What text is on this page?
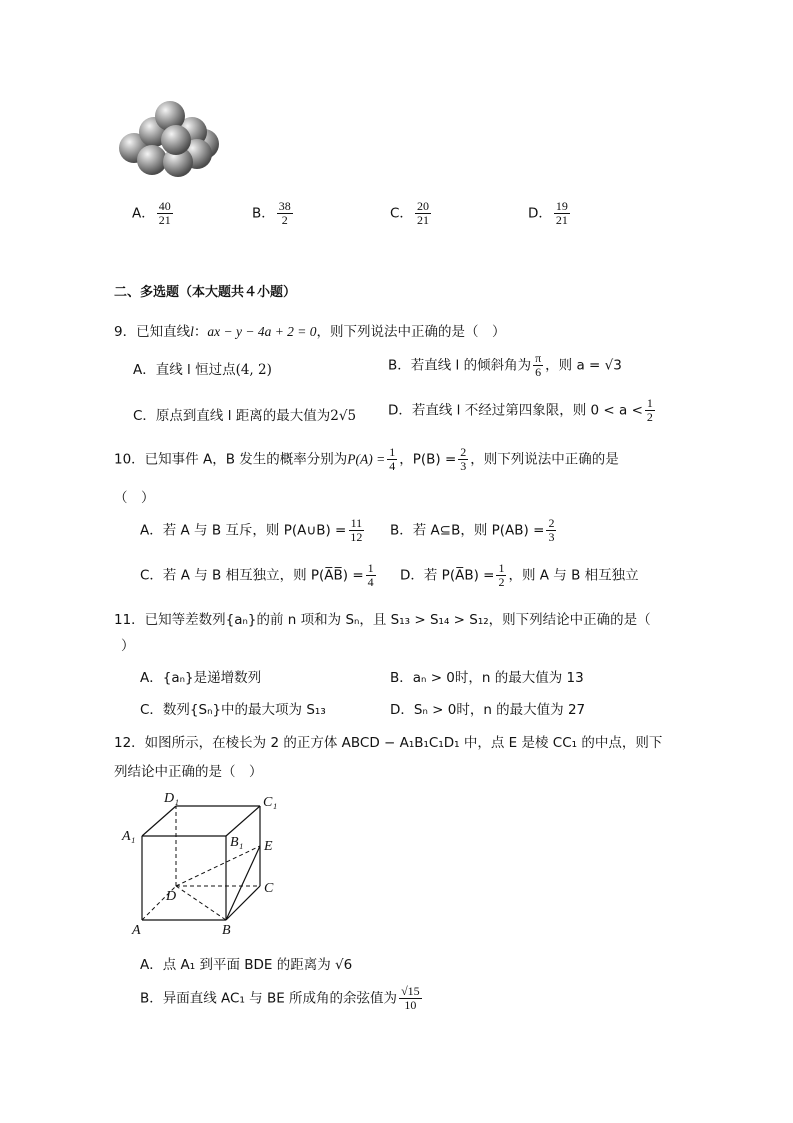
A． $\frac{40}{21}$	B． $\frac{38}{2}$	C． $\frac{20}{21}$	D． $\frac{19}{21}$
二、多选题（本大题共４小题）
9．已知直线l：ax − y − 4a + 2 = 0，则下列说法中正确的是（　）
A．直线 l 恒过点(4, 2)	B．若直线 l 的倾斜角为 $\frac{\pi}{6}$ ，则 a = √3
C．原点到直线 l 距离的最大值为2√5 D．若直线 l 不经过第四象限，则 $0 < a < \frac{1}{2}$
10．已知事件 A，B 发生的概率分别为$P(A) = \frac{1}{4}$ ，$P(B) = \frac{2}{3}$ ，则下列说法中正确的是
（　）
A．若 A 与 B 互斥，则 P(A∪B) = $\frac{11}{12}$ B．若 A⊆B，则 $P(AB) = \frac{2}{3}$
C．若 A 与 B 相互独立，则 P(A̅B̅) = $\frac{1}{4}$ D．若 P(A̅B) = $\frac{1}{2}$ ，则 A 与 B 相互独立
11．已知等差数列{aₙ}的前 n 项和为 Sₙ，且 S₁₃ > S₁₄ > S₁₂，则下列结论中正确的是（
）
A．{aₙ}是递增数列	B．aₙ > 0时，n 的最大值为 13
C．数列{Sₙ}中的最大项为 S₁₃	D．Sₙ > 0时，n 的最大值为 27
12．如图所示，在棱长为 2 的正方体 ABCD − A₁B₁C₁D₁ 中，点 E 是棱 CC₁ 的中点，则下
列结论中正确的是（　）
D₁	C₁
A₁	B₁ E
D
C
A	B
A．点 A₁ 到平面 BDE 的距离为 √6
B．异面直线 AC₁ 与 BE 所成角的余弦值为 $\frac{√15}{10}$
